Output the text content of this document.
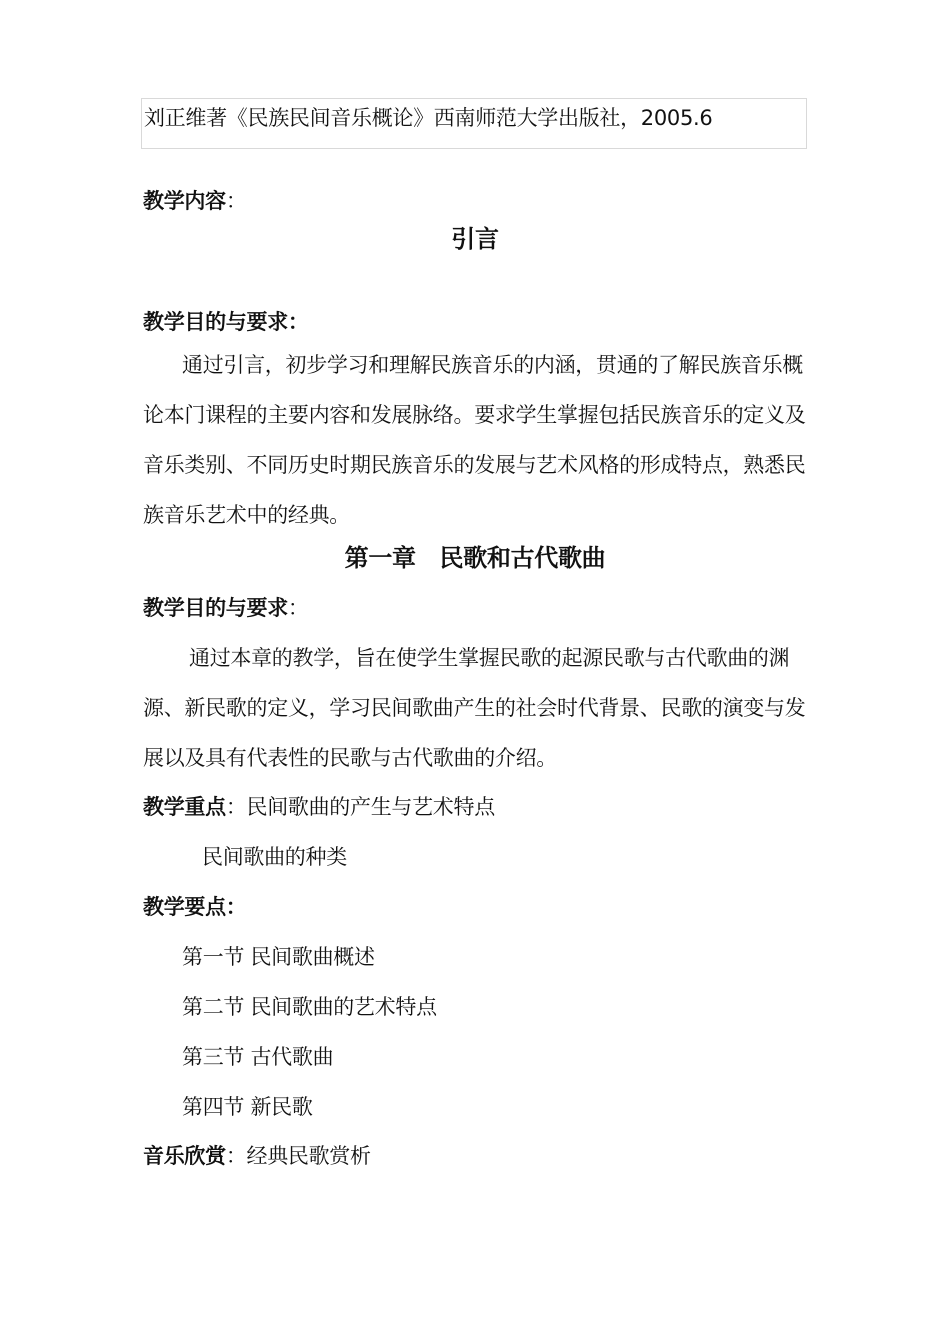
刘正维著《民族民间音乐概论》西南师范大学出版社，2005.6
教学内容：
引言
教学目的与要求：
通过引言，初步学习和理解民族音乐的内涵，贯通的了解民族音乐概
论本门课程的主要内容和发展脉络。要求学生掌握包括民族音乐的定义及
音乐类别、不同历史时期民族音乐的发展与艺术风格的形成特点，熟悉民
族音乐艺术中的经典。
第一章　民歌和古代歌曲
教学目的与要求：
通过本章的教学，旨在使学生掌握民歌的起源民歌与古代歌曲的渊
源、新民歌的定义，学习民间歌曲产生的社会时代背景、民歌的演变与发
展以及具有代表性的民歌与古代歌曲的介绍。
教学重点：民间歌曲的产生与艺术特点
民间歌曲的种类
教学要点：
第一节 民间歌曲概述
第二节 民间歌曲的艺术特点
第三节 古代歌曲
第四节 新民歌
音乐欣赏：经典民歌赏析
